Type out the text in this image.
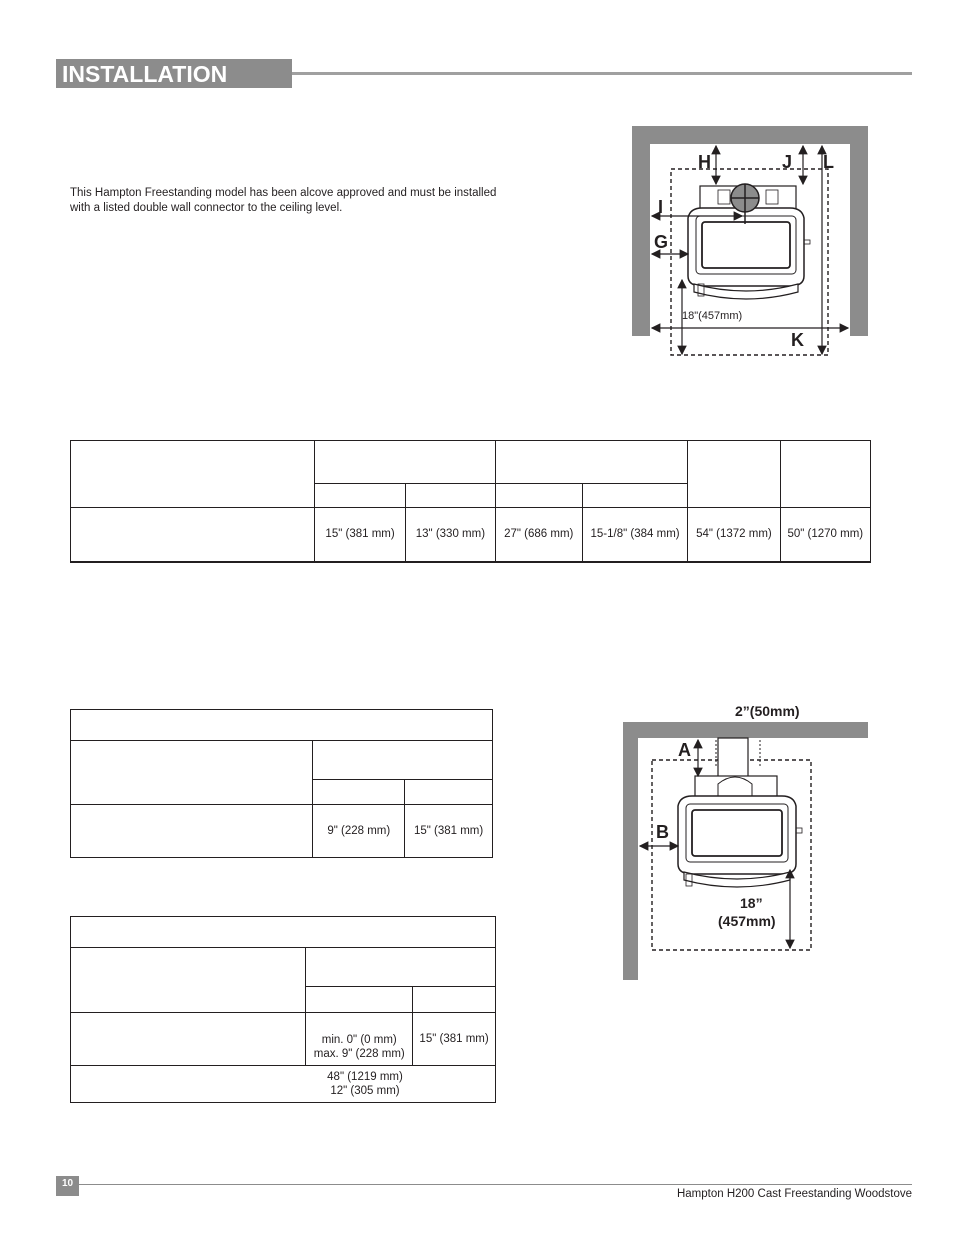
INSTALLATION
This Hampton Freestanding model has been alcove approved and must be installed
with a listed double wall connector to the ceiling level.
H	J L
I
G
K
18"(457mm)

	15" (381 mm)	13" (330 mm)	27" (686 mm)	15-1/8" (384 mm)	54" (1372 mm)	50" (1270 mm)

	9" (228 mm)	15" (381 mm)

	min. 0" (0 mm)
max. 9" (228 mm)	15" (381 mm)

48" (1219 mm)
12" (305 mm)		
2”(50mm)
A
B
18”
(457mm)
10
Hampton H200 Cast Freestanding Woodstove
